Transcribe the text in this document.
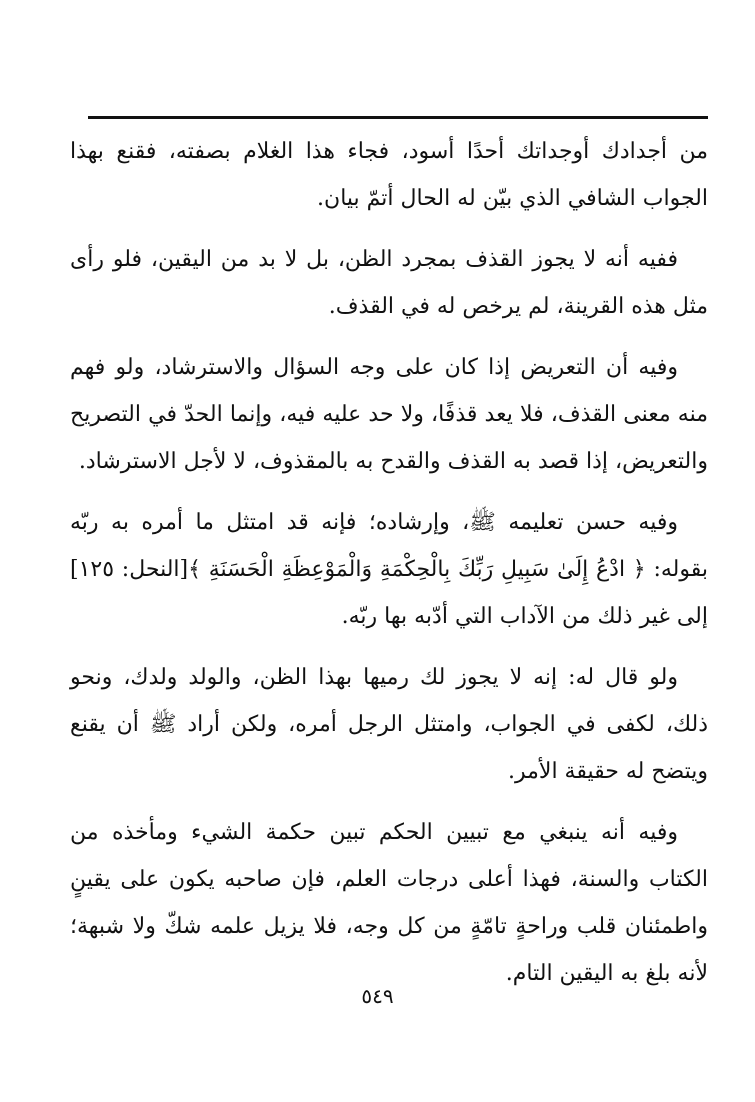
من أجدادك أوجداتك أحدًا أسود، فجاء هذا الغلام بصفته، فقنع بهذا الجواب الشافي الذي بيّن له الحال أتمّ بيان.

ففيه أنه لا يجوز القذف بمجرد الظن، بل لا بد من اليقين، فلو رأى مثل هذه القرينة، لم يرخص له في القذف.

وفيه أن التعريض إذا كان على وجه السؤال والاسترشاد، ولو فهم منه معنى القذف، فلا يعد قذفًا، ولا حد عليه فيه، وإنما الحدّ في التصريح والتعريض، إذا قصد به القذف والقدح به بالمقذوف، لا لأجل الاسترشاد.

وفيه حسن تعليمه ﷺ، وإرشاده؛ فإنه قد امتثل ما أمره به ربّه بقوله: ﴿ ادْعُ إِلَىٰ سَبِيلِ رَبِّكَ بِالْحِكْمَةِ وَالْمَوْعِظَةِ الْحَسَنَةِ ﴾[النحل: ١٢٥] إلى غير ذلك من الآداب التي أدّبه بها ربّه.

ولو قال له: إنه لا يجوز لك رميها بهذا الظن، والولد ولدك، ونحو ذلك، لكفى في الجواب، وامتثل الرجل أمره، ولكن أراد ﷺ أن يقنع ويتضح له حقيقة الأمر.

وفيه أنه ينبغي مع تبيين الحكم تبين حكمة الشيء ومأخذه من الكتاب والسنة، فهذا أعلى درجات العلم، فإن صاحبه يكون على يقينٍ واطمئنان قلب وراحةٍ تامّةٍ من كل وجه، فلا يزيل علمه شكّ ولا شبهة؛ لأنه بلغ به اليقين التام.

٥٤٩
